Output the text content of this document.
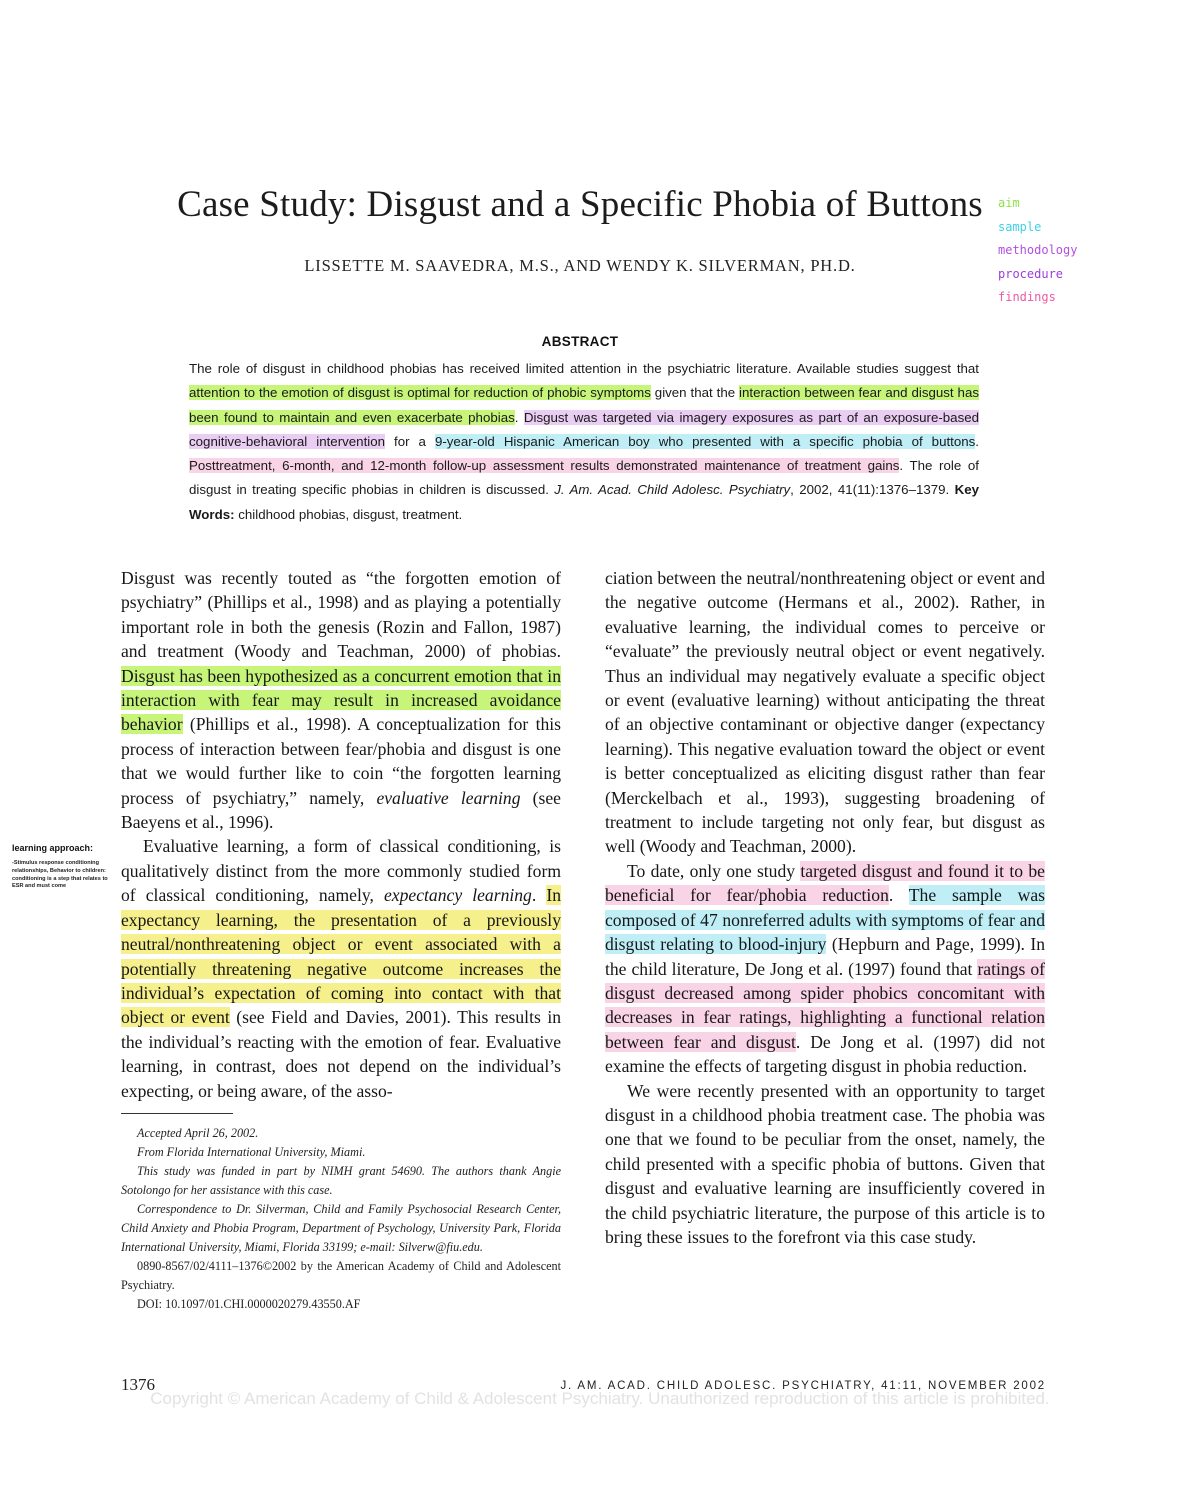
Case Study: Disgust and a Specific Phobia of Buttons
LISSETTE M. SAAVEDRA, M.S., AND WENDY K. SILVERMAN, PH.D.
aim
sample
methodology
procedure
findings
ABSTRACT
The role of disgust in childhood phobias has received limited attention in the psychiatric literature. Available studies suggest that attention to the emotion of disgust is optimal for reduction of phobic symptoms given that the interaction between fear and disgust has been found to maintain and even exacerbate phobias. Disgust was targeted via imagery exposures as part of an exposure-based cognitive-behavioral intervention for a 9-year-old Hispanic American boy who presented with a specific phobia of buttons. Posttreatment, 6-month, and 12-month follow-up assessment results demonstrated maintenance of treatment gains. The role of disgust in treating specific phobias in children is discussed. J. Am. Acad. Child Adolesc. Psychiatry, 2002, 41(11):1376–1379. Key Words: childhood phobias, disgust, treatment.

Disgust was recently touted as “the forgotten emotion of psychiatry” (Phillips et al., 1998) and as playing a potentially important role in both the genesis (Rozin and Fallon, 1987) and treatment (Woody and Teachman, 2000) of phobias. Disgust has been hypothesized as a concurrent emotion that in interaction with fear may result in increased avoidance behavior (Phillips et al., 1998). A conceptualization for this process of interaction between fear/phobia and disgust is one that we would further like to coin “the forgotten learning process of psychiatry,” namely, evaluative learning (see Baeyens et al., 1996).

Evaluative learning, a form of classical conditioning, is qualitatively distinct from the more commonly studied form of classical conditioning, namely, expectancy learning. In expectancy learning, the presentation of a previously neutral/nonthreatening object or event associated with a potentially threatening negative outcome increases the individual’s expectation of coming into contact with that object or event (see Field and Davies, 2001). This results in the individual’s reacting with the emotion of fear. Evaluative learning, in contrast, does not depend on the individual’s expecting, or being aware, of the asso-

learning approach:
-Stimulus response conditioning relationships, Behavior to children: conditioning is a step that relates to ESR and must come

Accepted April 26, 2002.

From Florida International University, Miami.

This study was funded in part by NIMH grant 54690. The authors thank Angie Sotolongo for her assistance with this case.

Correspondence to Dr. Silverman, Child and Family Psychosocial Research Center, Child Anxiety and Phobia Program, Department of Psychology, University Park, Florida International University, Miami, Florida 33199; e-mail: Silverw@fiu.edu.

0890-8567/02/4111–1376©2002 by the American Academy of Child and Adolescent Psychiatry.

DOI: 10.1097/01.CHI.0000020279.43550.AF

ciation between the neutral/nonthreatening object or event and the negative outcome (Hermans et al., 2002). Rather, in evaluative learning, the individual comes to perceive or “evaluate” the previously neutral object or event negatively. Thus an individual may negatively evaluate a specific object or event (evaluative learning) without anticipating the threat of an objective contaminant or objective danger (expectancy learning). This negative evaluation toward the object or event is better conceptualized as eliciting disgust rather than fear (Merckelbach et al., 1993), suggesting broadening of treatment to include targeting not only fear, but disgust as well (Woody and Teachman, 2000).

To date, only one study targeted disgust and found it to be beneficial for fear/phobia reduction. The sample was composed of 47 nonreferred adults with symptoms of fear and disgust relating to blood-injury (Hepburn and Page, 1999). In the child literature, De Jong et al. (1997) found that ratings of disgust decreased among spider phobics concomitant with decreases in fear ratings, highlighting a functional relation between fear and disgust. De Jong et al. (1997) did not examine the effects of targeting disgust in phobia reduction.

We were recently presented with an opportunity to target disgust in a childhood phobia treatment case. The phobia was one that we found to be peculiar from the onset, namely, the child presented with a specific phobia of buttons. Given that disgust and evaluative learning are insufficiently covered in the child psychiatric literature, the purpose of this article is to bring these issues to the forefront via this case study.

1376	J. AM. ACAD. CHILD ADOLESC. PSYCHIATRY, 41:11, NOVEMBER 2002
Copyright © American Academy of Child & Adolescent Psychiatry. Unauthorized reproduction of this article is prohibited.
